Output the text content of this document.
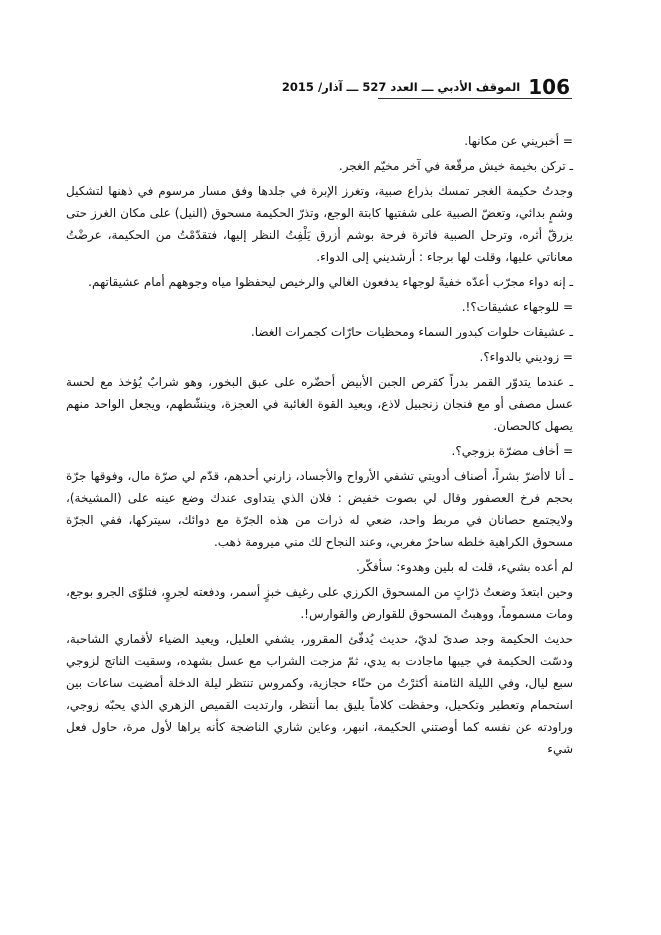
106
الموقف الأدبي ـــ العدد 527 ـــ آذار/ 2015

= أخبريني عن مكانها.

ـ تركن بخيمة خيش مرقّعة في آخر مخيّم الغجر.

وجدتُ حكيمة الغجر تمسك بذراع صبية، وتغرز الإبرة في جلدها وفق مسار مرسوم في ذهنها لتشكيل وشمٍ بدائي، وتعضّ الصبية على شفتيها كابتة الوجع، وتذرّ الحكيمة مسحوق (النيل) على مكان الغرز حتى يزرقّ أثره، وترحل الصبية فاترة فرحة بوشم أزرق يَلْفِتُ النظر إليها، فتقدّمْتُ من الحكيمة، عرضْتُ معاناتي عليها، وقلت لها برجاء : أرشديني إلى الدواء.

ـ إنه دواء مجرّب أعدّه خفيةً لوجهاء يدفعون الغالي والرخيص ليحفظوا مياه وجوههم أمام عشيقاتهم.

= للوجهاء عشيقات؟!.

ـ عشيقات حلوات كبدور السماء ومحظيات حارّات كجمرات الغضا.

= زوديني بالدواء؟.

ـ عندما يتدوّر القمر بدراً كقرص الجبن الأبيض أحضّره على عبق البخور، وهو شرابٌ يُؤخذ مع لحسة عسل مصفى أو مع فنجان زنجبيل لاذع، ويعيد القوة الغائبة في العجزة، وينشّطهم، ويجعل الواحد منهم يصهل كالحصان.

= أخاف مضرّة بزوجي؟.

ـ أنا لاأضرّ بشراً، أصناف أدويتي تشفي الأرواح والأجساد، زارني أحدهم، قدّم لي صرّة مال، وفوقها جرّة بحجم فرخ العصفور وقال لي بصوت خفيض : فلان الذي يتداوى عندك وضع عينه على (المشيخة)، ولايجتمع حصانان في مربط واحد، ضعي له ذرات من هذه الجرّة مع دوائك، سيتركها، ففي الجرّة مسحوق الكراهية خلطه ساحرٌ مغربي، وعند النجاح لك مني ميرومة ذهب.

لم أعده بشيء، قلت له بلين وهدوء: سأفكّر.

وحين ابتعدَ وضعتُ ذرّاتٍ من المسحوق الكرزي على رغيف خبزٍ أسمر، ودفعته لجروٍ، فتلوّى الجرو بوجع، ومات مسموماً، ووهبتُ المسحوق للقوارض والقوارس!.

حديث الحكيمة وجد صدىً لديّ، حديث يُدفّئ المقرور، يشفي العليل، ويعيد الضياء لأقماري الشاحبة، ودسّت الحكيمة في جيبها ماجادت به يدي، ثمّ مزجت الشراب مع عسل بشهده، وسقيت الناتج لزوجي سبع ليال، وفي الليلة الثامنة أكثرْتُ من حنّاء حجازية، وكمروس تنتظر ليلة الدخلة أمضيت ساعات بين استحمام وتعطير وتكحيل، وحفظت كلاماً يليق بما أنتظر، وارتديت القميص الزهري الذي يحبّه زوجي، وراودته عن نفسه كما أوصتني الحكيمة، انبهر، وعاين شاري الناضجة كأنه يراها لأول مرة، حاول فعل شيء
